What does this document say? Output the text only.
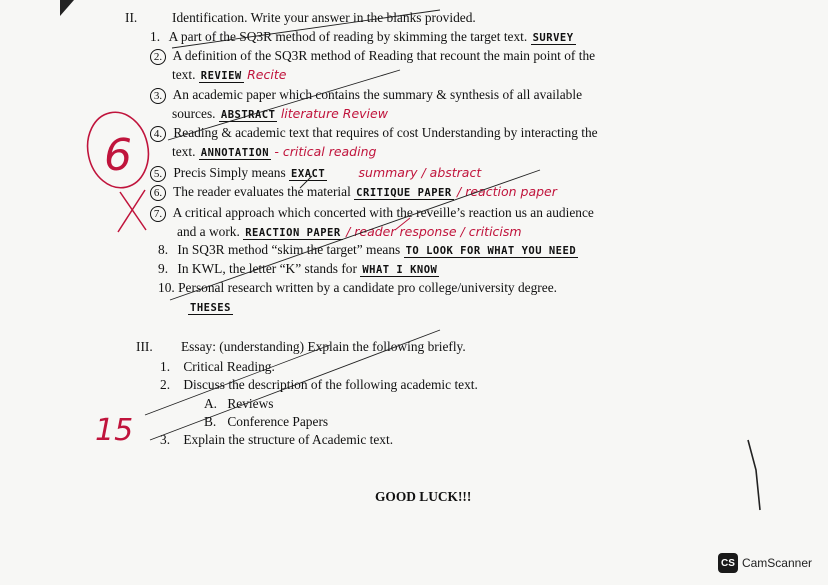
II.	Identification. Write your answer in the blanks provided.
1. A part of the SQ3R method of reading by skimming the target text. SURVEY
2. A definition of the SQ3R method of Reading that recount the main point of the
text. REVIEW Recite
3. An academic paper which contains the summary & synthesis of all available
sources. ABSTRACT literature Review
4. Reading & academic text that requires of cost Understanding by interacting the
text. ANNOTATION - critical reading
5. Precis Simply means EXACT	summary / abstract
6. The reader evaluates the material CRITIQUE PAPER / reaction paper
7. A critical approach which concerted with the reveille’s reaction us an audience
and a work. REACTION PAPER / reader response / criticism
8. In SQ3R method “skim the target” means TO LOOK FOR WHAT YOU NEED
9. In KWL, the letter “K” stands for WHAT I KNOW
10. Personal research written by a candidate pro college/university degree.
THESES
III. Essay: (understanding) Explain the following briefly.
1. Critical Reading.
2. Discuss the description of the following academic text.
A. Reviews
B. Conference Papers
3. Explain the structure of Academic text.
GOOD LUCK!!!
6
15
CS CamScanner
